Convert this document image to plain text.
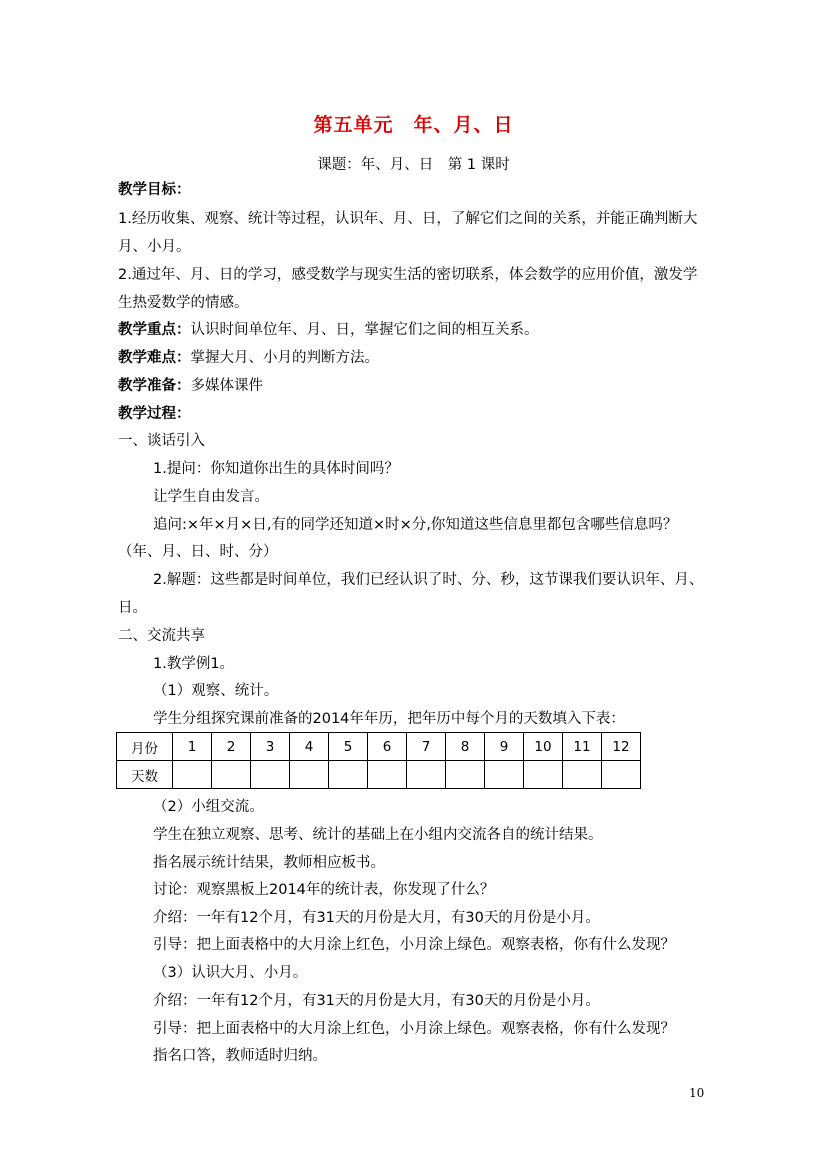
第五单元　年、月、日
课题：年、月、日　第 1 课时
教学目标：
1.经历收集、观察、统计等过程，认识年、月、日，了解它们之间的关系，并能正确判断大
月、小月。
2.通过年、月、日的学习，感受数学与现实生活的密切联系，体会数学的应用价值，激发学
生热爱数学的情感。
教学重点：认识时间单位年、月、日，掌握它们之间的相互关系。
教学难点：掌握大月、小月的判断方法。
教学准备：多媒体课件
教学过程：
一、谈话引入
1.提问：你知道你出生的具体时间吗？
让学生自由发言。
追问:×年×月×日,有的同学还知道×时×分,你知道这些信息里都包含哪些信息吗？
（年、月、日、时、分）
2.解题：这些都是时间单位，我们已经认识了时、分、秒，这节课我们要认识年、月、
日。
二、交流共享
1.教学例1。
（1）观察、统计。
学生分组探究课前准备的2014年年历，把年历中每个月的天数填入下表：
月份	1	2	3	4	5	6	7	8	9	10	11	12
天数												
（2）小组交流。
学生在独立观察、思考、统计的基础上在小组内交流各自的统计结果。
指名展示统计结果，教师相应板书。
讨论：观察黑板上2014年的统计表，你发现了什么？
介绍：一年有12个月，有31天的月份是大月，有30天的月份是小月。
引导：把上面表格中的大月涂上红色，小月涂上绿色。观察表格，你有什么发现？
（3）认识大月、小月。
介绍：一年有12个月，有31天的月份是大月，有30天的月份是小月。
引导：把上面表格中的大月涂上红色，小月涂上绿色。观察表格，你有什么发现？
指名口答，教师适时归纳。
10
